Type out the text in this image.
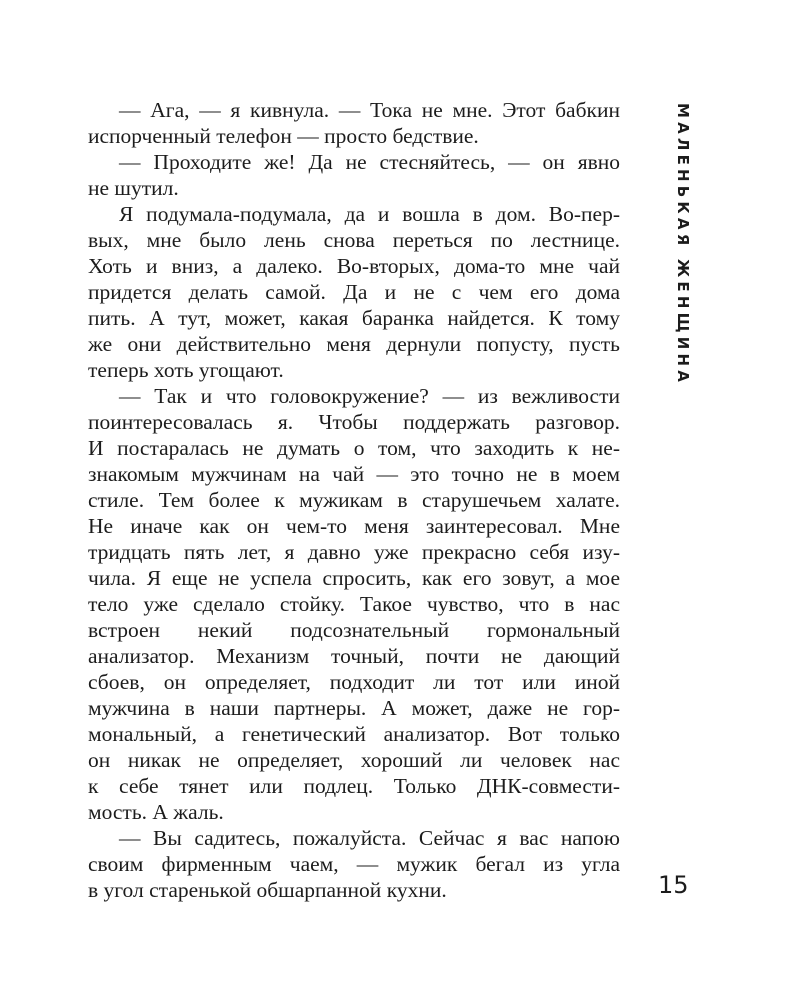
— Ага, — я кивнула. — Тока не мне. Этот бабкин
испорченный телефон — просто бедствие.
— Проходите же! Да не стесняйтесь, — он явно
не шутил.
Я подумала-подумала, да и вошла в дом. Во-пер-
вых, мне было лень снова переться по лестнице.
Хоть и вниз, а далеко. Во-вторых, дома-то мне чай
придется делать самой. Да и не с чем его дома
пить. А тут, может, какая баранка найдется. К тому
же они действительно меня дернули попусту, пусть
теперь хоть угощают.
— Так и что головокружение? — из вежливости
поинтересовалась я. Чтобы поддержать разговор.
И постаралась не думать о том, что заходить к не-
знакомым мужчинам на чай — это точно не в моем
стиле. Тем более к мужикам в старушечьем халате.
Не иначе как он чем-то меня заинтересовал. Мне
тридцать пять лет, я давно уже прекрасно себя изу-
чила. Я еще не успела спросить, как его зовут, а мое
тело уже сделало стойку. Такое чувство, что в нас
встроен некий подсознательный гормональный
анализатор. Механизм точный, почти не дающий
сбоев, он определяет, подходит ли тот или иной
мужчина в наши партнеры. А может, даже не гор-
мональный, а генетический анализатор. Вот только
он никак не определяет, хороший ли человек нас
к себе тянет или подлец. Только ДНК-совмести-
мость. А жаль.
— Вы садитесь, пожалуйста. Сейчас я вас напою
своим фирменным чаем, — мужик бегал из угла
в угол старенькой обшарпанной кухни.
МАЛЕНЬКАЯ ЖЕНЩИНА
15
